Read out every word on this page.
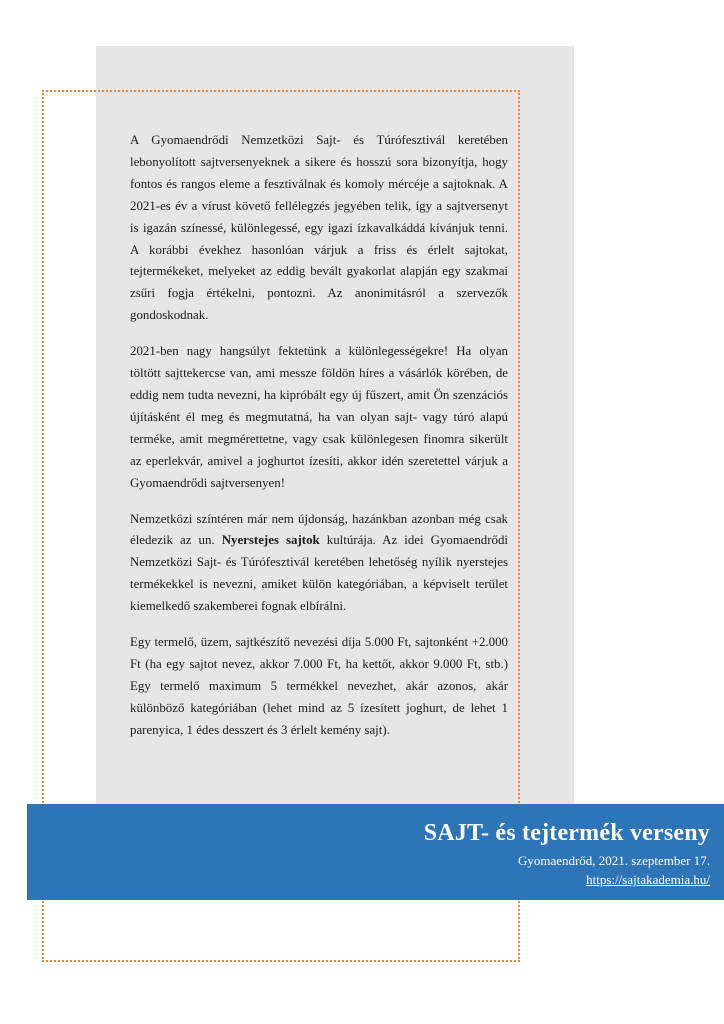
A Gyomaendrődi Nemzetközi Sajt- és Túrófesztivál keretében lebonyolított sajtversenyeknek a sikere és hosszú sora bizonyítja, hogy fontos és rangos eleme a fesztiválnak és komoly mércéje a sajtoknak. A 2021-es év a vírust követő fellélegzés jegyében telik, így a sajtversenyt is igazán színessé, különlegessé, egy igazi ízkavalkáddá kívánjuk tenni. A korábbi évekhez hasonlóan várjuk a friss és érlelt sajtokat, tejtermékeket, melyeket az eddig bevált gyakorlat alapján egy szakmai zsűri fogja értékelni, pontozni. Az anonimitásról a szervezők gondoskodnak.

2021-ben nagy hangsúlyt fektetünk a különlegességekre! Ha olyan töltött sajttekercse van, ami messze földön híres a vásárlók körében, de eddig nem tudta nevezni, ha kipróbált egy új fűszert, amit Ön szenzációs újításként él meg és megmutatná, ha van olyan sajt- vagy túró alapú terméke, amit megmérettetne, vagy csak különlegesen finomra sikerült az eperlekvár, amivel a joghurtot ízesíti, akkor idén szeretettel várjuk a Gyomaendrődi sajtversenyen!

Nemzetközi színtéren már nem újdonság, hazánkban azonban még csak éledezik az un. Nyerstejes sajtok kultúrája. Az idei Gyomaendrődi Nemzetközi Sajt- és Túrófesztivál keretében lehetőség nyílik nyerstejes termékekkel is nevezni, amiket külön kategóriában, a képviselt terület kiemelkedő szakemberei fognak elbírálni.

Egy termelő, üzem, sajtkészítő nevezési díja 5.000 Ft, sajtonként +2.000 Ft (ha egy sajtot nevez, akkor 7.000 Ft, ha kettőt, akkor 9.000 Ft, stb.) Egy termelő maximum 5 termékkel nevezhet, akár azonos, akár különböző kategóriában (lehet mind az 5 ízesített joghurt, de lehet 1 parenyica, 1 édes desszert és 3 érlelt kemény sajt).

SAJT- és tejtermék verseny
Gyomaendrőd, 2021. szeptember 17.
https://sajtakademia.hu/
